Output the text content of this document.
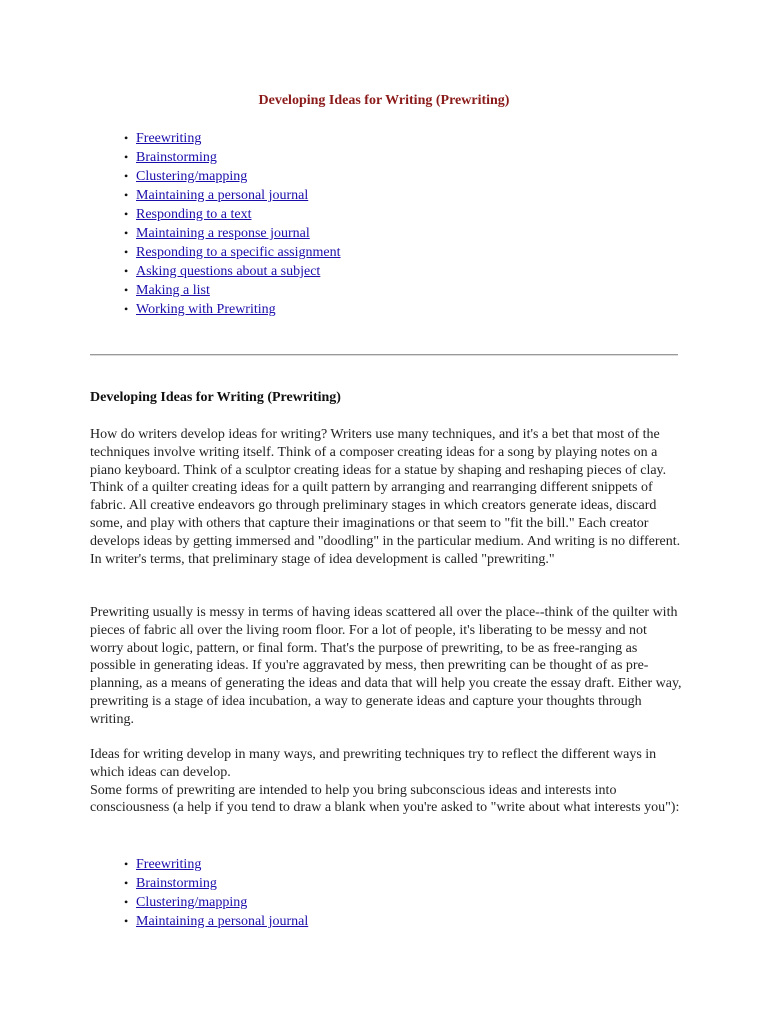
Developing Ideas for Writing (Prewriting)
• Freewriting
• Brainstorming
• Clustering/mapping
• Maintaining a personal journal
• Responding to a text
• Maintaining a response journal
• Responding to a specific assignment
• Asking questions about a subject
• Making a list
• Working with Prewriting
Developing Ideas for Writing (Prewriting)

How do writers develop ideas for writing? Writers use many techniques, and it's a bet that most of the techniques involve writing itself. Think of a composer creating ideas for a song by playing notes on a piano keyboard. Think of a sculptor creating ideas for a statue by shaping and reshaping pieces of clay. Think of a quilter creating ideas for a quilt pattern by arranging and rearranging different snippets of fabric. All creative endeavors go through preliminary stages in which creators generate ideas, discard some, and play with others that capture their imaginations or that seem to "fit the bill." Each creator develops ideas by getting immersed and "doodling" in the particular medium. And writing is no different. In writer's terms, that preliminary stage of idea development is called "prewriting."

Prewriting usually is messy in terms of having ideas scattered all over the place--think of the quilter with pieces of fabric all over the living room floor. For a lot of people, it's liberating to be messy and not worry about logic, pattern, or final form. That's the purpose of prewriting, to be as free-ranging as possible in generating ideas. If you're aggravated by mess, then prewriting can be thought of as pre-planning, as a means of generating the ideas and data that will help you create the essay draft. Either way, prewriting is a stage of idea incubation, a way to generate ideas and capture your thoughts through writing.

Ideas for writing develop in many ways, and prewriting techniques try to reflect the different ways in which ideas can develop.
Some forms of prewriting are intended to help you bring subconscious ideas and interests into consciousness (a help if you tend to draw a blank when you're asked to "write about what interests you"):
• Freewriting
• Brainstorming
• Clustering/mapping
• Maintaining a personal journal
